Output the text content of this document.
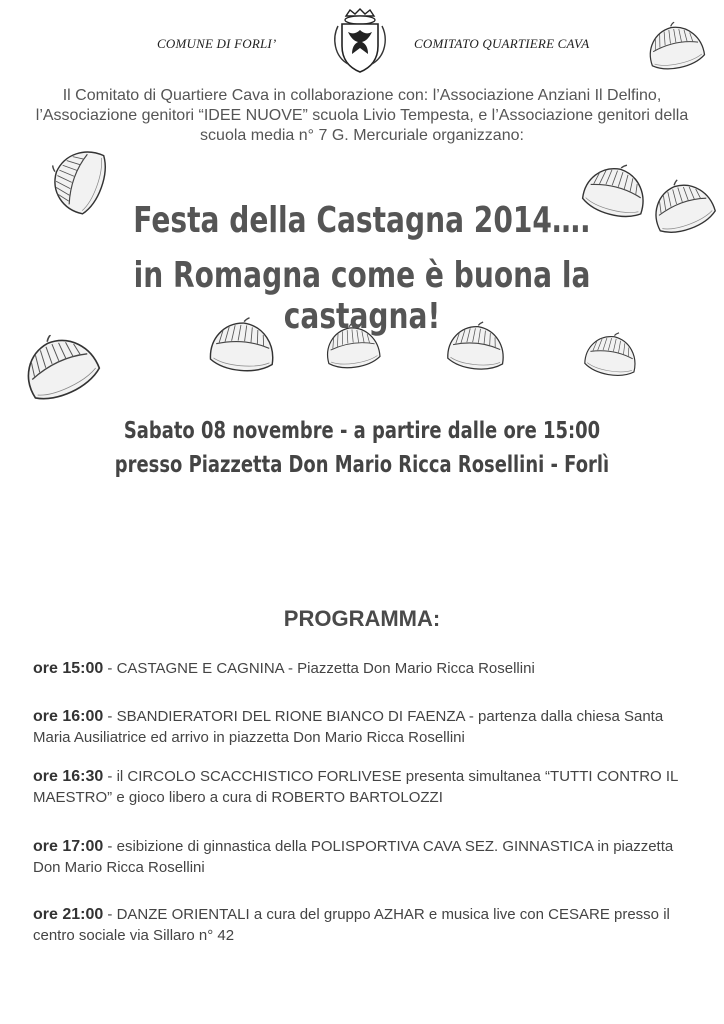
COMUNE DI FORLI’	COMITATO QUARTIERE CAVA
Il Comitato di Quartiere Cava in collaborazione con: l’Associazione Anziani Il Delfino, l’Associazione genitori “IDEE NUOVE” scuola Livio Tempesta, e l’Associazione genitori della scuola media n° 7 G. Mercuriale organizzano:
Festa della Castagna 2014….
in Romagna come è buona la castagna!
Sabato 08 novembre - a partire dalle ore 15:00
presso Piazzetta Don Mario Ricca Rosellini - Forlì
PROGRAMMA:
ore 15:00 - CASTAGNE E CAGNINA - Piazzetta Don Mario Ricca Rosellini
ore 16:00 - SBANDIERATORI DEL RIONE BIANCO DI FAENZA - partenza dalla chiesa Santa Maria Ausiliatrice ed arrivo in piazzetta Don Mario Ricca Rosellini
ore 16:30 - il CIRCOLO SCACCHISTICO FORLIVESE presenta simultanea “TUTTI CONTRO IL MAESTRO” e gioco libero a cura di ROBERTO BARTOLOZZI
ore 17:00 - esibizione di ginnastica della POLISPORTIVA CAVA SEZ. GINNASTICA in piazzetta Don Mario Ricca Rosellini
ore 21:00 - DANZE ORIENTALI a cura del gruppo AZHAR e musica live con CESARE presso il centro sociale via Sillaro n° 42
